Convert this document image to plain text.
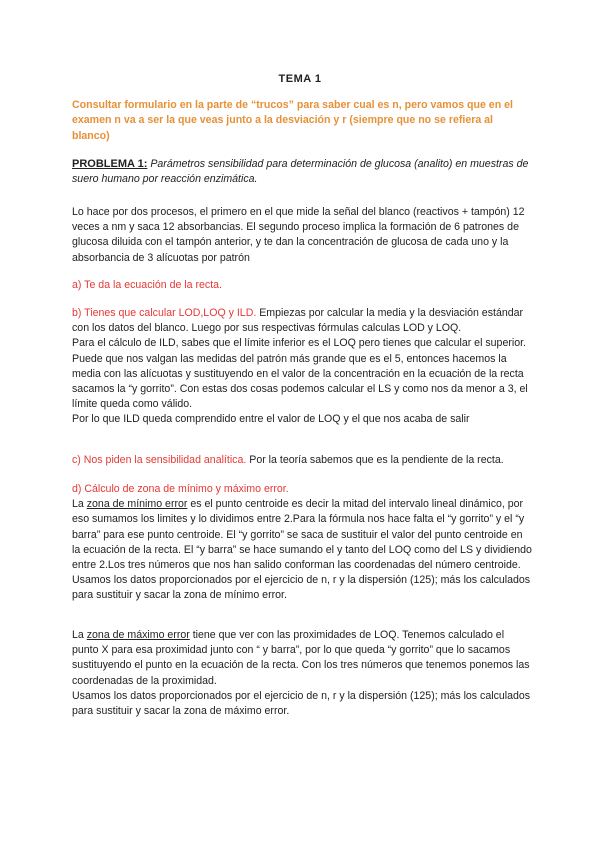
TEMA 1
Consultar formulario en la parte de “trucos” para saber cual es n, pero vamos que en el examen n va a ser la que veas junto a la desviación y r (siempre que no se refiera al blanco)
PROBLEMA 1: Parámetros sensibilidad para determinación de glucosa (analito) en muestras de suero humano por reacción enzimática.
Lo hace por dos procesos, el primero en el que mide la señal del blanco (reactivos + tampón) 12 veces a nm y saca 12 absorbancias. El segundo proceso implica la formación de 6 patrones de glucosa diluida con el tampón anterior, y te dan la concentración de glucosa de cada uno y la absorbancia de 3 alícuotas por patrón
a) Te da la ecuación de la recta.

b) Tienes que calcular LOD,LOQ y ILD. Empiezas por calcular la media y la desviación estándar con los datos del blanco. Luego por sus respectivas fórmulas calculas LOD y LOQ.

Para el cálculo de ILD, sabes que el límite inferior es el LOQ pero tienes que calcular el superior. Puede que nos valgan las medidas del patrón más grande que es el 5, entonces hacemos la media con las alícuotas y sustituyendo en el valor de la concentración en la ecuación de la recta sacamos la “y gorrito”. Con estas dos cosas podemos calcular el LS y como nos da menor a 3, el límite queda como válido.

Por lo que ILD queda comprendido entre el valor de LOQ y el que nos acaba de salir

c) Nos piden la sensibilidad analítica. Por la teoría sabemos que es la pendiente de la recta.

d) Cálculo de zona de mínimo y máximo error.

La zona de mínimo error es el punto centroide es decir la mitad del intervalo lineal dinámico, por eso sumamos los limites y lo dividimos entre 2.Para la fórmula nos hace falta el “y gorrito” y el “y barra” para ese punto centroide. El “y gorrito” se saca de sustituir el valor del punto centroide en la ecuación de la recta. El “y barra” se hace sumando el y tanto del LOQ como del LS y dividiendo entre 2.Los tres números que nos han salido conforman las coordenadas del número centroide.

Usamos los datos proporcionados por el ejercicio de n, r y la dispersión (125); más los calculados para sustituir y sacar la zona de mínimo error.

La zona de máximo error tiene que ver con las proximidades de LOQ. Tenemos calculado el punto X para esa proximidad junto con “ y barra”, por lo que queda “y gorrito” que lo sacamos sustituyendo el punto en la ecuación de la recta. Con los tres números que tenemos ponemos las coordenadas de la proximidad.

Usamos los datos proporcionados por el ejercicio de n, r y la dispersión (125); más los calculados para sustituir y sacar la zona de máximo error.
